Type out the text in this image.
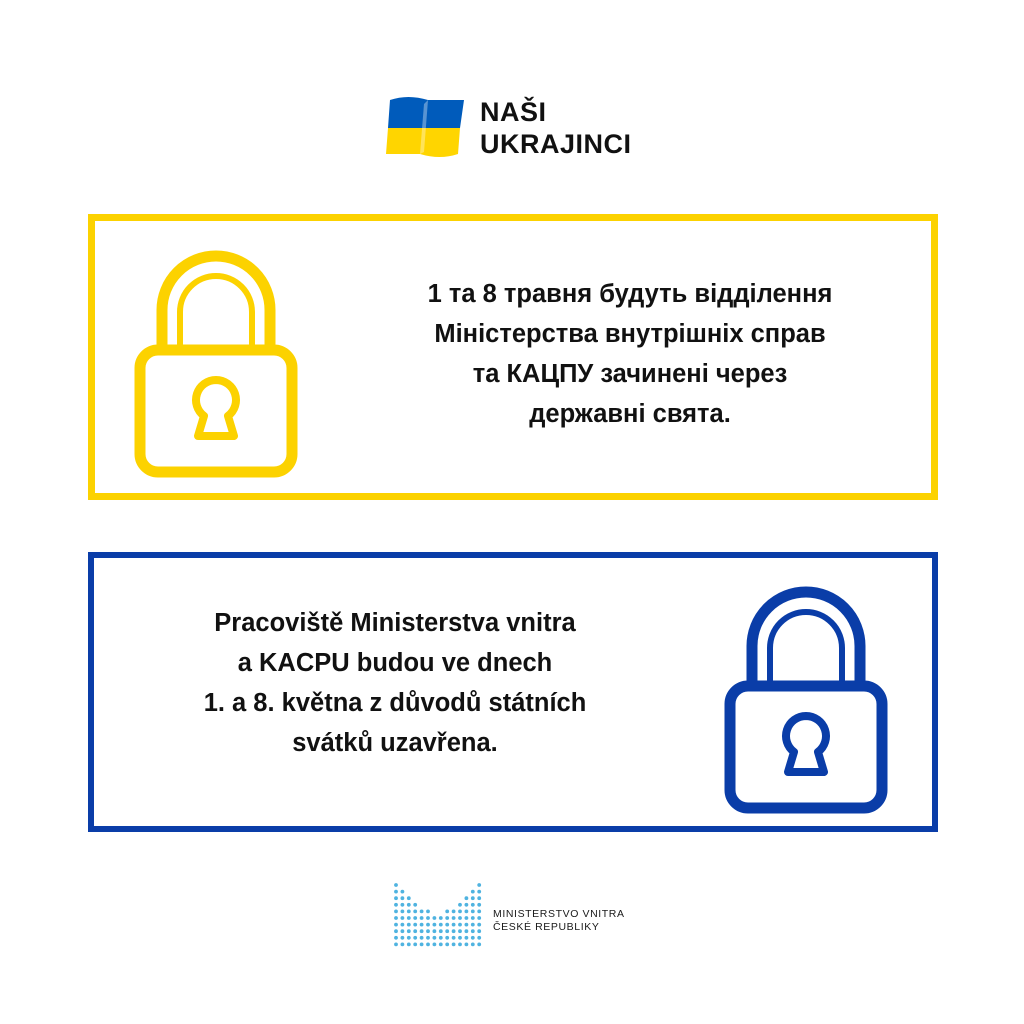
NAŠI
UKRAJINCI
1 та 8 травня будуть відділення
Міністерства внутрішніх справ
та КАЦПУ зачинені через
державні свята.
Pracoviště Ministerstva vnitra
a KACPU budou ve dnech
1. a 8. května z důvodů státních
svátků uzavřena.
MINISTERSTVO VNITRA
ČESKÉ REPUBLIKY
